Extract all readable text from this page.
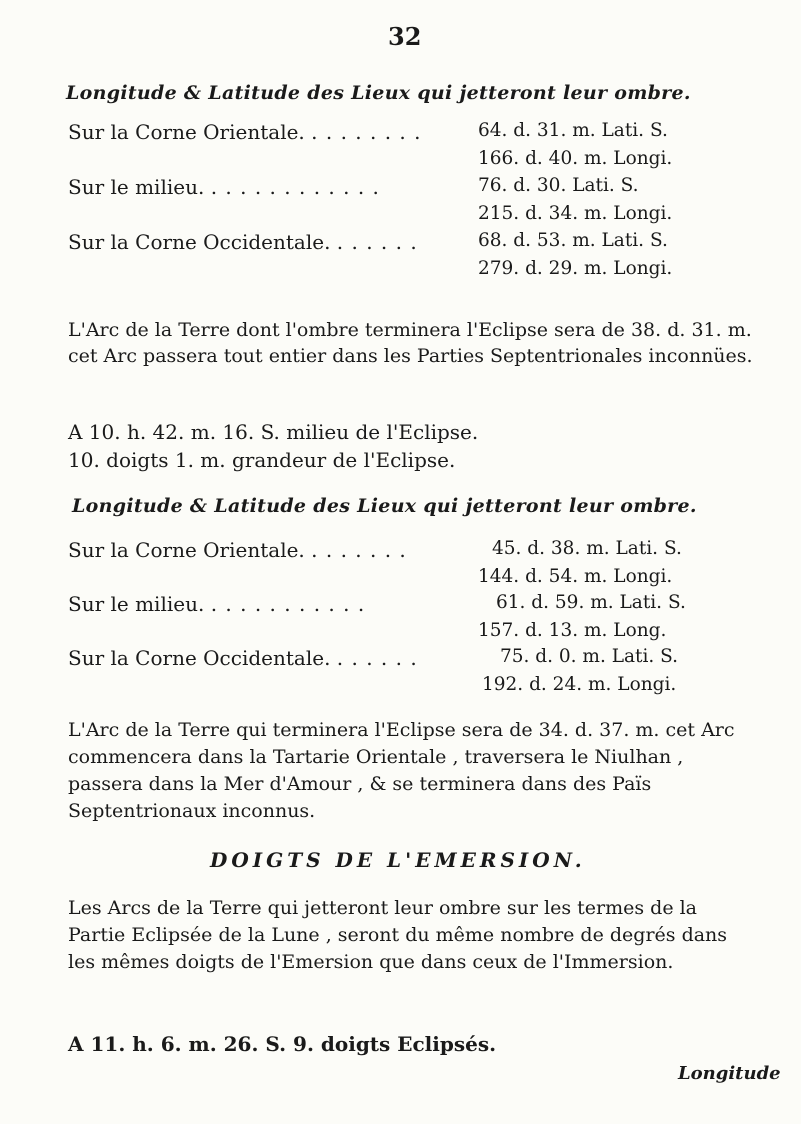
32
Longitude & Latitude des Lieux qui jetteront leur ombre.
Sur la Corne Orientale. . . . . . . . .	64. d. 31. m. Lati. S.
166. d. 40. m. Longi.
Sur le milieu. . . . . . . . . . . . .	76. d. 30. Lati. S.
215. d. 34. m. Longi.
Sur la Corne Occidentale. . . . . . .	68. d. 53. m. Lati. S.
279. d. 29. m. Longi.
L'Arc de la Terre dont l'ombre terminera l'Eclipse sera de 38. d. 31. m. cet Arc passera tout entier dans les Parties Septentrionales inconnües.
A 10. h. 42. m. 16. S. milieu de l'Eclipse.
10. doigts 1. m. grandeur de l'Eclipse.
Longitude & Latitude des Lieux qui jetteront leur ombre.
Sur la Corne Orientale. . . . . . . .	45. d. 38. m. Lati. S.
144. d. 54. m. Longi.
Sur le milieu. . . . . . . . . . . .	61. d. 59. m. Lati. S.
157. d. 13. m. Long.
Sur la Corne Occidentale. . . . . . .	75. d. 0. m. Lati. S.
192. d. 24. m. Longi.
L'Arc de la Terre qui terminera l'Eclipse sera de 34. d. 37. m. cet Arc commencera dans la Tartarie Orientale , traversera le Niulhan , passera dans la Mer d'Amour , & se terminera dans des Païs Septentrionaux inconnus.
DOIGTS DE L'EMERSION.
Les Arcs de la Terre qui jetteront leur ombre sur les termes de la Partie Eclipsée de la Lune , seront du même nombre de degrés dans les mêmes doigts de l'Emersion que dans ceux de l'Immersion.
A 11. h. 6. m. 26. S. 9. doigts Eclipsés.
Longitude
